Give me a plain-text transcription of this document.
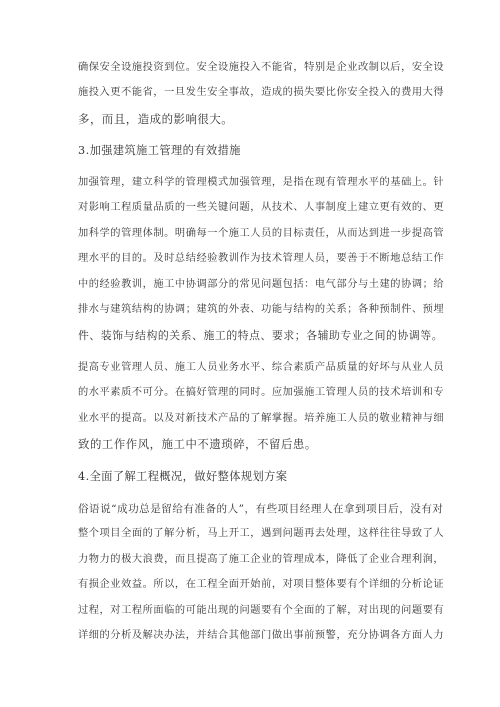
确保安全设施投资到位。安全设施投入不能省，特别是企业改制以后，安全设
施投入更不能省，一旦发生安全事故，造成的损失要比你安全投入的费用大得
多，而且，造成的影响很大。
3.加强建筑施工管理的有效措施
加强管理，建立科学的管理模式加强管理，是指在现有管理水平的基础上。针
对影响工程质量品质的一些关键问题，从技术、人事制度上建立更有效的、更
加科学的管理体制。明确每一个施工人员的目标责任，从而达到进一步提高管
理水平的目的。及时总结经验教训作为技术管理人员，要善于不断地总结工作
中的经验教训，施工中协调部分的常见问题包括：电气部分与土建的协调；给
排水与建筑结构的协调；建筑的外表、功能与结构的关系；各种预制件、预埋
件、装饰与结构的关系、施工的特点、要求；各辅助专业之间的协调等。
提高专业管理人员、施工人员业务水平、综合素质产品质量的好坏与从业人员
的水平素质不可分。在搞好管理的同时。应加强施工管理人员的技术培训和专
业水平的提高。以及对新技术产品的了解掌握。培养施工人员的敬业精神与细
致的工作作风，施工中不遗琐碎，不留后患。
4.全面了解工程概况，做好整体规划方案
俗语说“成功总是留给有准备的人”，有些项目经理人在拿到项目后，没有对
整个项目全面的了解分析，马上开工，遇到问题再去处理，这样往往导致了人
力物力的极大浪费，而且提高了施工企业的管理成本，降低了企业合理利润，
有损企业效益。所以，在工程全面开始前，对项目整体要有个详细的分析论证
过程，对工程所面临的可能出现的问题要有个全面的了解，对出现的问题要有
详细的分析及解决办法，并结合其他部门做出事前预警，充分协调各方面人力
